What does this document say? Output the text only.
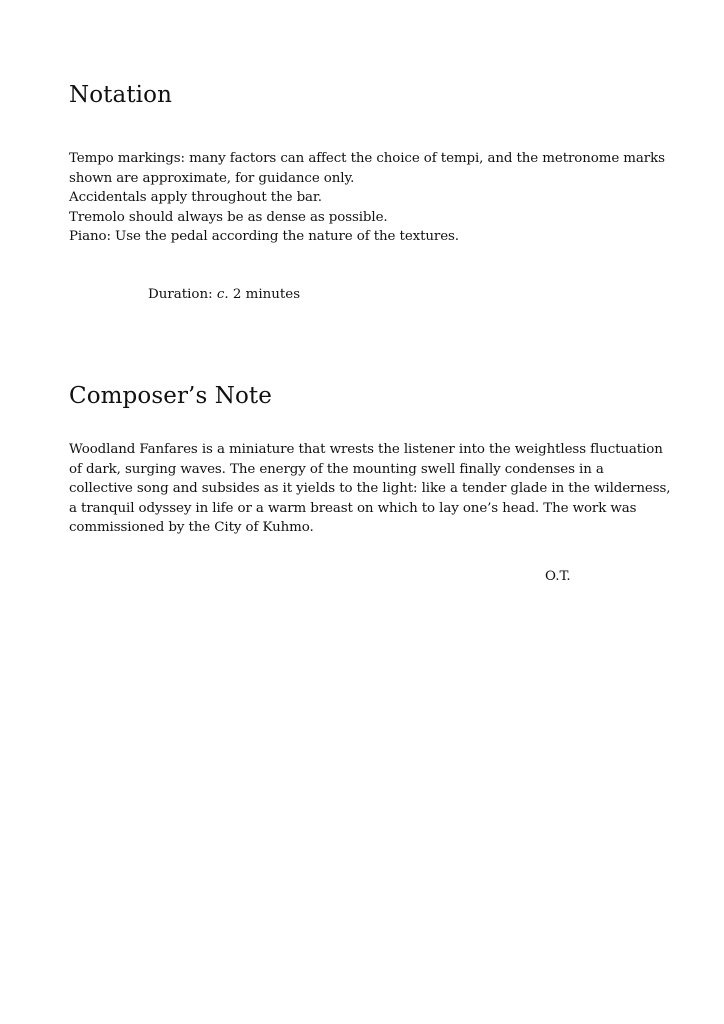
Notation

Tempo markings: many factors can affect the choice of tempi, and the metronome marks
shown are approximate, for guidance only.
Accidentals apply throughout the bar.
Tremolo should always be as dense as possible.
Piano: Use the pedal according the nature of the textures.

Duration: c. 2 minutes
Composer’s Note

Woodland Fanfares is a miniature that wrests the listener into the weightless fluctuation
of dark, surging waves. The energy of the mounting swell finally condenses in a
collective song and subsides as it yields to the light: like a tender glade in the wilderness,
a tranquil odyssey in life or a warm breast on which to lay one’s head. The work was
commissioned by the City of Kuhmo.

O.T.
